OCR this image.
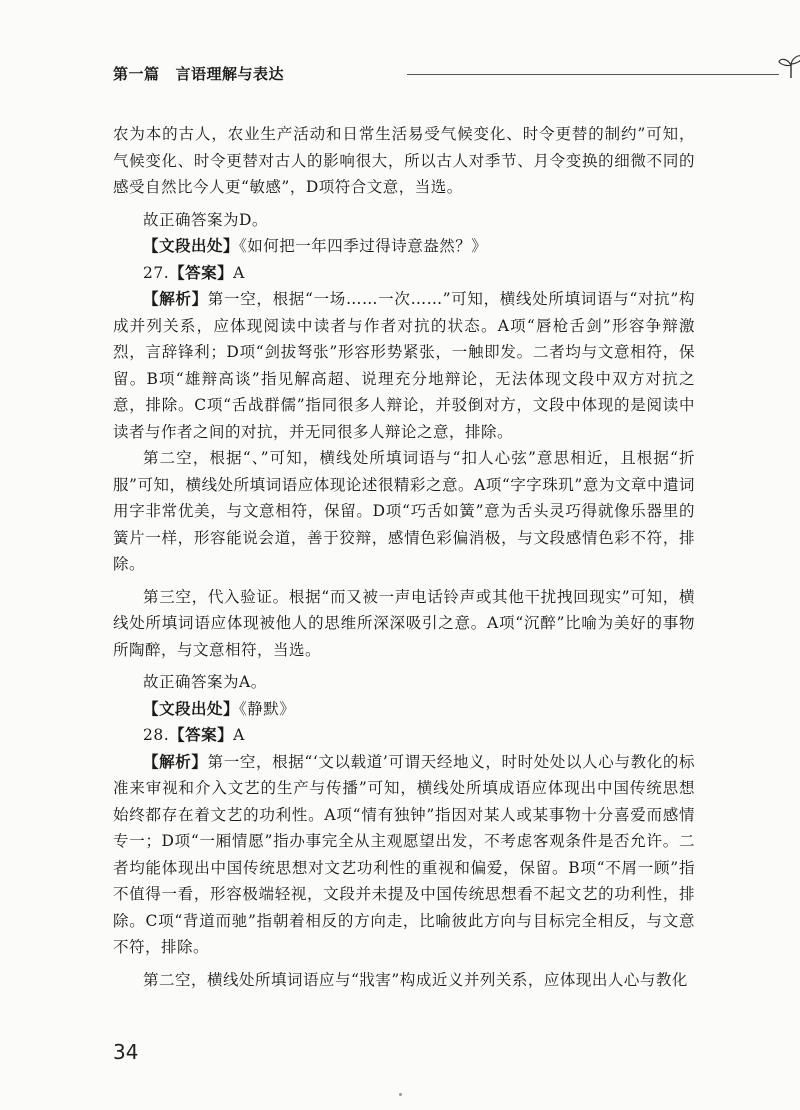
第一篇 言语理解与表达

农为本的古人，农业生产活动和日常生活易受气候变化、时令更替的制约”可知，气候变化、时令更替对古人的影响很大，所以古人对季节、月令变换的细微不同的感受自然比今人更“敏感”，D项符合文意，当选。

故正确答案为D。

【文段出处】《如何把一年四季过得诗意盎然？》

27.【答案】A

【解析】第一空，根据“一场……一次……”可知，横线处所填词语与“对抗”构成并列关系，应体现阅读中读者与作者对抗的状态。A项“唇枪舌剑”形容争辩激烈，言辞锋利；D项“剑拔弩张”形容形势紧张，一触即发。二者均与文意相符，保留。B项“雄辩高谈”指见解高超、说理充分地辩论，无法体现文段中双方对抗之意，排除。C项“舌战群儒”指同很多人辩论，并驳倒对方，文段中体现的是阅读中读者与作者之间的对抗，并无同很多人辩论之意，排除。

第二空，根据“、”可知，横线处所填词语与“扣人心弦”意思相近，且根据“折服”可知，横线处所填词语应体现论述很精彩之意。A项“字字珠玑”意为文章中遣词用字非常优美，与文意相符，保留。D项“巧舌如簧”意为舌头灵巧得就像乐器里的簧片一样，形容能说会道，善于狡辩，感情色彩偏消极，与文段感情色彩不符，排除。

第三空，代入验证。根据“而又被一声电话铃声或其他干扰拽回现实”可知，横线处所填词语应体现被他人的思维所深深吸引之意。A项“沉醉”比喻为美好的事物所陶醉，与文意相符，当选。

故正确答案为A。

【文段出处】《静默》

28.【答案】A

【解析】第一空，根据“‘文以载道’可谓天经地义，时时处处以人心与教化的标准来审视和介入文艺的生产与传播”可知，横线处所填成语应体现出中国传统思想始终都存在着文艺的功利性。A项“情有独钟”指因对某人或某事物十分喜爱而感情专一；D项“一厢情愿”指办事完全从主观愿望出发，不考虑客观条件是否允许。二者均能体现出中国传统思想对文艺功利性的重视和偏爱，保留。B项“不屑一顾”指不值得一看，形容极端轻视，文段并未提及中国传统思想看不起文艺的功利性，排除。C项“背道而驰”指朝着相反的方向走，比喻彼此方向与目标完全相反，与文意不符，排除。

第二空，横线处所填词语应与“戕害”构成近义并列关系，应体现出人心与教化

34
